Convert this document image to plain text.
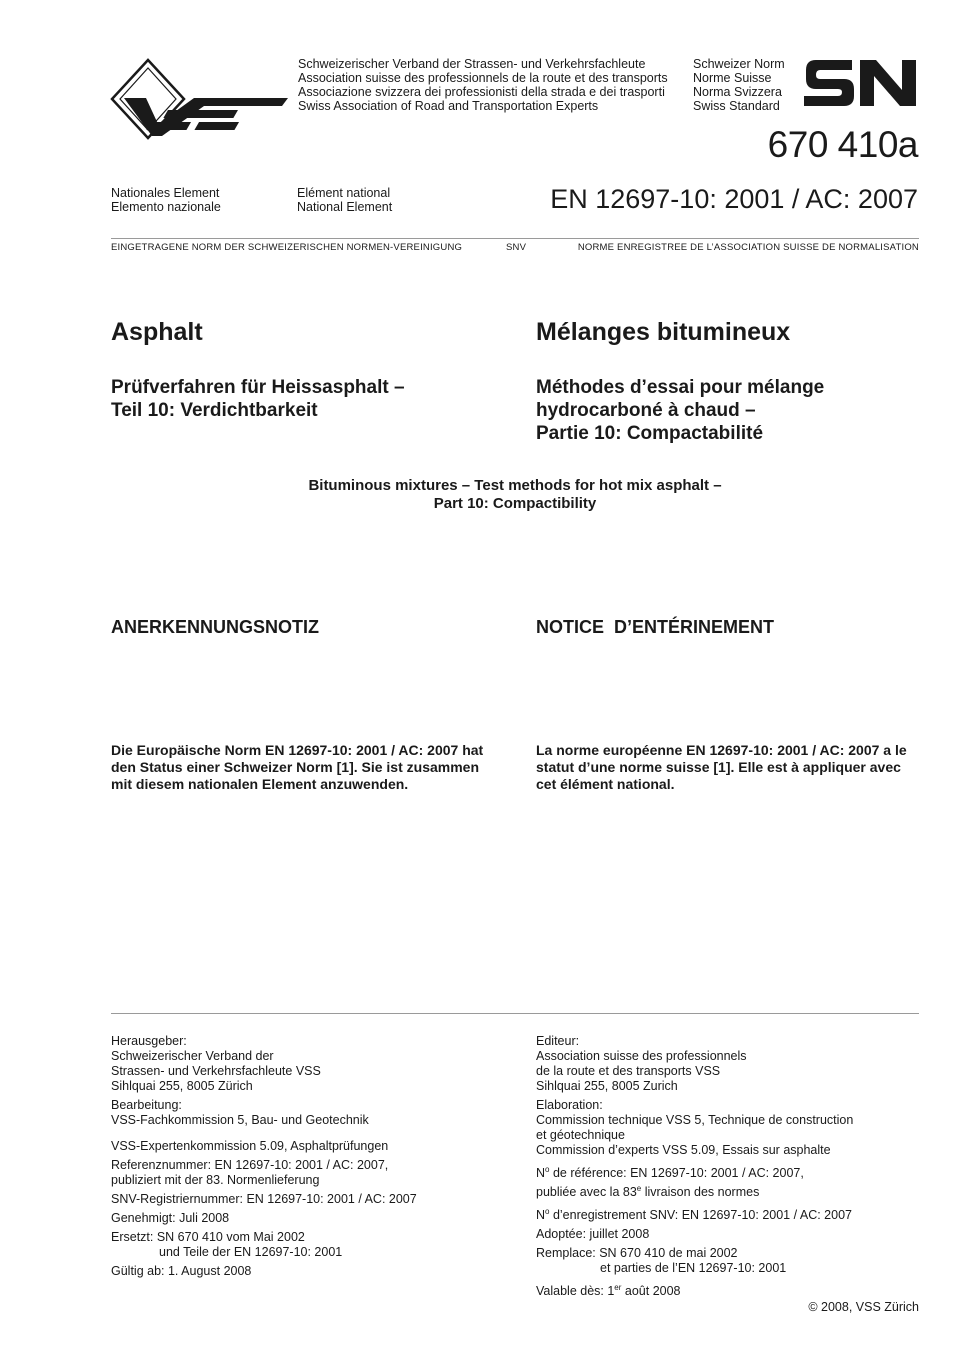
Schweizerischer Verband der Strassen- und Verkehrsfachleute
Association suisse des professionnels de la route et des transports
Associazione svizzera dei professionisti della strada e dei trasporti
Swiss Association of Road and Transportation Experts
Schweizer Norm
Norme Suisse
Norma Svizzera
Swiss Standard
670 410a
Nationales Element
Elemento nazionale
Elément national
National Element	EN 12697-10: 2001 / AC: 2007
EINGETRAGENE NORM DER SCHWEIZERISCHEN NORMEN-VEREINIGUNG	SNV	NORME ENREGISTREE DE L’ASSOCIATION SUISSE DE NORMALISATION
Asphalt	Mélanges bitumineux
Prüfverfahren für Heissasphalt –
Teil 10: Verdichtbarkeit
Méthodes d’essai pour mélange
hydrocarboné à chaud –
Partie 10: Compactabilité
Bituminous mixtures – Test methods for hot mix asphalt –
Part 10: Compactibility
ANERKENNUNGSNOTIZ	NOTICE  D’ENTÉRINEMENT
Die Europäische Norm EN 12697-10: 2001 / AC: 2007 hat
den Status einer Schweizer Norm [1]. Sie ist zusammen
mit diesem nationalen Element anzuwenden.
La norme européenne EN 12697-10: 2001 / AC: 2007 a le
statut d’une norme suisse [1]. Elle est à appliquer avec
cet élément national.
Herausgeber:
Schweizerischer Verband der
Strassen- und Verkehrsfachleute VSS
Sihlquai 255, 8005 Zürich
Bearbeitung:
VSS-Fachkommission 5, Bau- und Geotechnik
VSS-Expertenkommission 5.09, Asphaltprüfungen
Referenznummer: EN 12697-10: 2001 / AC: 2007,
publiziert mit der 83. Normenlieferung
SNV-Registriernummer: EN 12697-10: 2001 / AC: 2007
Genehmigt: Juli 2008
Ersetzt: SN 670 410 vom Mai 2002
und Teile der EN 12697-10: 2001
Gültig ab: 1. August 2008
Editeur:
Association suisse des professionnels
de la route et des transports VSS
Sihlquai 255, 8005 Zurich
Elaboration:
Commission technique VSS 5, Technique de construction
et géotechnique
Commission d’experts VSS 5.09, Essais sur asphalte
$N^o$ de référence: EN 12697-10: 2001 / AC: 2007,
publiée avec la 83e livraison des normes
$N^o$ d’enregistrement SNV: EN 12697-10: 2001 / AC: 2007
Adoptée: juillet 2008
Remplace: SN 670 410 de mai 2002
et parties de l’EN 12697-10: 2001
Valable dès: 1er août 2008
© 2008, VSS Zürich
